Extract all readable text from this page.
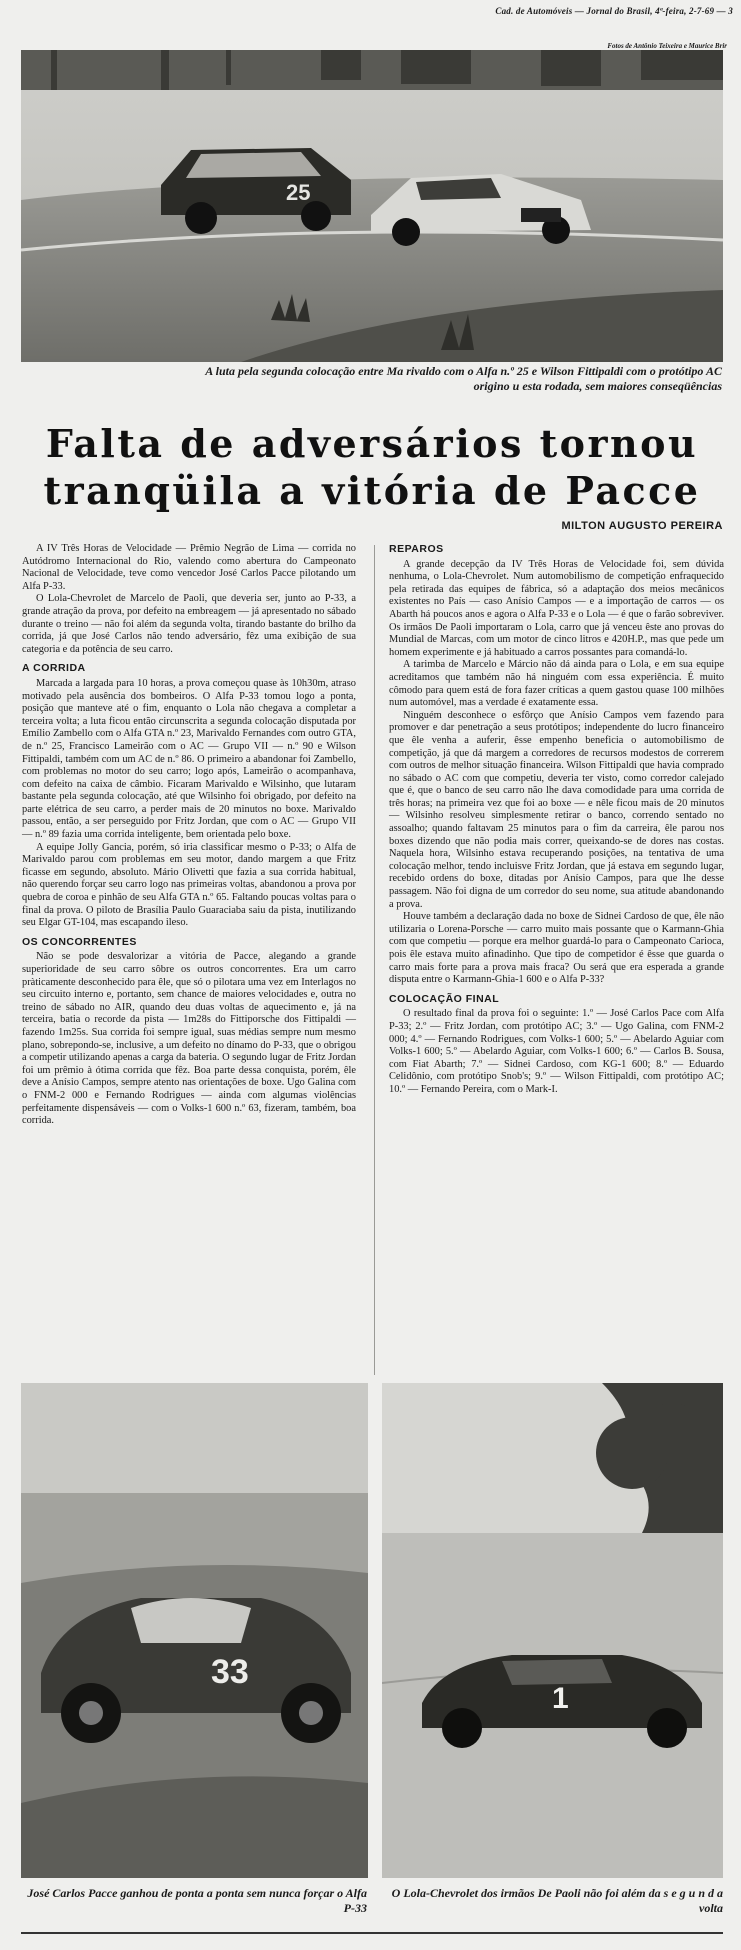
Cad. de Automóveis — Jornal do Brasil, 4ª-feira, 2-7-69 — 3
25
Fotos de Antônio Teixeira e Maurice Brir
A luta pela segunda colocação entre Ma rivaldo com o Alfa n.º 25 e Wilson Fittipaldi com o protótipo AC origino u esta rodada, sem maiores conseqüências
Falta de adversários tornou
tranqüila a vitória de Pacce
MILTON AUGUSTO PEREIRA

A IV Três Horas de Velocidade — Prêmio Negrão de Lima — corrida no Autódromo Internacional do Rio, valendo como abertura do Campeonato Nacional de Velocidade, teve como vencedor José Carlos Pacce pilotando um Alfa P-33.

O Lola-Chevrolet de Marcelo de Paoli, que deveria ser, junto ao P-33, a grande atração da prova, por defeito na embreagem — já apresentado no sábado durante o treino — não foi além da segunda volta, tirando bastante do brilho da corrida, já que José Carlos não tendo adversário, fêz uma exibição de sua categoria e da potência de seu carro.

A CORRIDA

Marcada a largada para 10 horas, a prova começou quase às 10h30m, atraso motivado pela ausência dos bombeiros. O Alfa P-33 tomou logo a ponta, posição que manteve até o fim, enquanto o Lola não chegava a completar a terceira volta; a luta ficou então circunscrita a segunda colocação disputada por Emílio Zambello com o Alfa GTA n.º 23, Marivaldo Fernandes com outro GTA, de n.º 25, Francisco Lameirão com o AC — Grupo VII — n.º 90 e Wilson Fittipaldi, também com um AC de n.º 86. O primeiro a abandonar foi Zambello, com problemas no motor do seu carro; logo após, Lameirão o acompanhava, com defeito na caixa de câmbio. Ficaram Marivaldo e Wilsinho, que lutaram bastante pela segunda colocação, até que Wilsinho foi obrigado, por defeito na parte elétrica de seu carro, a perder mais de 20 minutos no boxe. Marivaldo passou, então, a ser perseguido por Fritz Jordan, que com o AC — Grupo VII — n.º 89 fazia uma corrida inteligente, bem orientada pelo boxe.

A equipe Jolly Gancia, porém, só iria classificar mesmo o P-33; o Alfa de Marivaldo parou com problemas em seu motor, dando margem a que Fritz ficasse em segundo, absoluto. Mário Olivetti que fazia a sua corrida habitual, não querendo forçar seu carro logo nas primeiras voltas, abandonou a prova por quebra de coroa e pinhão de seu Alfa GTA n.º 65. Faltando poucas voltas para o final da prova. O piloto de Brasília Paulo Guaraciaba saiu da pista, inutilizando seu Elgar GT-104, mas escapando ileso.

OS CONCORRENTES

Não se pode desvalorizar a vitória de Pacce, alegando a grande superioridade de seu carro sôbre os outros concorrentes. Era um carro pràticamente desconhecido para êle, que só o pilotara uma vez em Interlagos no seu circuito interno e, portanto, sem chance de maiores velocidades e, outra no treino de sábado no AIR, quando deu duas voltas de aquecimento e, já na terceira, batia o recorde da pista — 1m28s do Fittiporsche dos Fittipaldi — fazendo 1m25s. Sua corrida foi sempre igual, suas médias sempre num mesmo plano, sobrepondo-se, inclusive, a um defeito no dínamo do P-33, que o obrigou a competir utilizando apenas a carga da bateria. O segundo lugar de Fritz Jordan foi um prêmio à ótima corrida que fêz. Boa parte dessa conquista, porém, êle deve a Anísio Campos, sempre atento nas orientações de boxe. Ugo Galina com o FNM-2 000 e Fernando Rodrigues — ainda com algumas violências perfeitamente dispensáveis — com o Volks-1 600 n.º 63, fizeram, também, boa corrida.

REPAROS

A grande decepção da IV Três Horas de Velocidade foi, sem dúvida nenhuma, o Lola-Chevrolet. Num automobilismo de competição enfraquecido pela retirada das equipes de fábrica, só a adaptação dos meios mecânicos existentes no País — caso Anísio Campos — e a importação de carros — os Abarth há poucos anos e agora o Alfa P-33 e o Lola — é que o farão sobreviver. Os irmãos De Paoli importaram o Lola, carro que já venceu êste ano provas do Mundial de Marcas, com um motor de cinco litros e 420H.P., mas que pede um homem experimente e já habituado a carros possantes para comandá-lo.

A tarimba de Marcelo e Márcio não dá ainda para o Lola, e em sua equipe acreditamos que também não há ninguém com essa experiência. É muito cômodo para quem está de fora fazer críticas a quem gastou quase 100 milhões num automóvel, mas a verdade é exatamente essa.

Ninguém desconhece o esfôrço que Anísio Campos vem fazendo para promover e dar penetração a seus protótipos; independente do lucro financeiro que êle venha a auferir, êsse empenho beneficia o automobilismo de competição, já que dá margem a corredores de recursos modestos de correrem com outros de melhor situação financeira. Wilson Fittipaldi que havia comprado no sábado o AC com que competiu, deveria ter visto, como corredor calejado que é, que o banco de seu carro não lhe dava comodidade para uma corrida de três horas; na primeira vez que foi ao boxe — e nêle ficou mais de 20 minutos — Wilsinho resolveu simplesmente retirar o banco, correndo sentado no assoalho; quando faltavam 25 minutos para o fim da carreira, êle parou nos boxes dizendo que não podia mais correr, queixando-se de dores nas costas. Naquela hora, Wilsinho estava recuperando posições, na tentativa de uma colocação melhor, tendo incluisve Fritz Jordan, que já estava em segundo lugar, recebido ordens do boxe, ditadas por Anísio Campos, para que lhe desse passagem. Não foi digna de um corredor do seu nome, sua atitude abandonando a prova.

Houve também a declaração dada no boxe de Sidnei Cardoso de que, êle não utilizaria o Lorena-Porsche — carro muito mais possante que o Karmann-Ghia com que competiu — porque era melhor guardá-lo para o Campeonato Carioca, pois êle estava muito afinadinho. Que tipo de competidor é êsse que guarda o carro mais forte para a prova mais fraca? Ou será que era esperada a grande disputa entre o Karmann-Ghia-1 600 e o Alfa P-33?

COLOCAÇÃO FINAL

O resultado final da prova foi o seguinte: 1.º — José Carlos Pace com Alfa P-33; 2.º — Fritz Jordan, com protótipo AC; 3.º — Ugo Galina, com FNM-2 000; 4.º — Fernando Rodrigues, com Volks-1 600; 5.º — Abelardo Aguiar com Volks-1 600; 5.º — Abelardo Aguiar, com Volks-1 600; 6.º — Carlos B. Sousa, com Fiat Abarth; 7.º — Sidnei Cardoso, com KG-1 600; 8.º — Eduardo Celidônio, com protótipo Snob's; 9.º — Wilson Fittipaldi, com protótipo AC; 10.º — Fernando Pereira, com o Mark-I.

33
José Carlos Pacce ganhou de ponta a ponta sem nunca forçar o Alfa P-33
1
O Lola-Chevrolet dos irmãos De Paoli não foi além da s e g u n d a volta
